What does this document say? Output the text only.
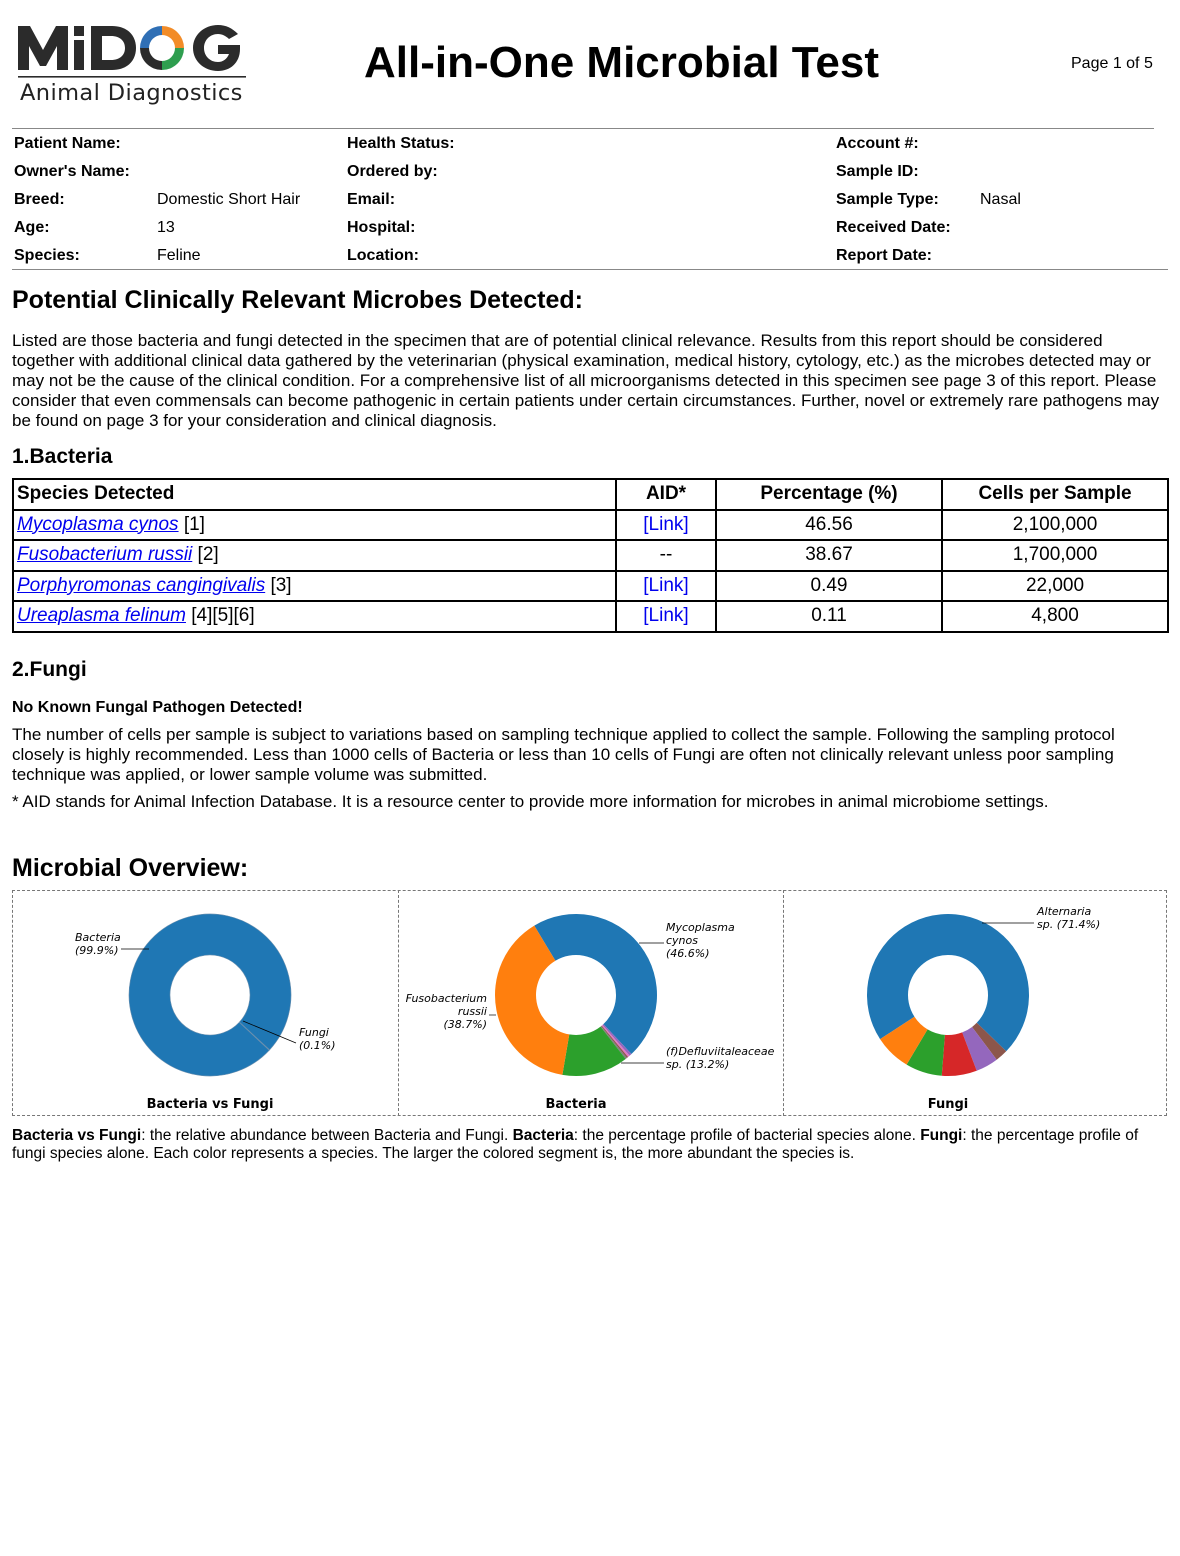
Animal Diagnostics
All-in-One Microbial Test	Page 1 of 5
Patient Name:
Owner's Name:
Breed:	Domestic Short Hair
Age:	13
Species:	Feline
Health Status:
Ordered by:
Email:
Hospital:
Location:
Account #:
Sample ID:
Sample Type:	Nasal
Received Date:
Report Date:
Potential Clinically Relevant Microbes Detected:
Listed are those bacteria and fungi detected in the specimen that are of potential clinical relevance. Results from this report should be considered together with additional clinical data gathered by the veterinarian (physical examination, medical history, cytology, etc.) as the microbes detected may or may not be the cause of the clinical condition. For a comprehensive list of all microorganisms detected in this specimen see page 3 of this report. Please consider that even commensals can become pathogenic in certain patients under certain circumstances. Further, novel or extremely rare pathogens may be found on page 3 for your consideration and clinical diagnosis.
1.Bacteria
Species Detected	AID*	Percentage (%)	Cells per Sample
Mycoplasma cynos [1]	[Link]	46.56	2,100,000
Fusobacterium russii [2]	--	38.67	1,700,000
Porphyromonas cangingivalis [3]	[Link]	0.49	22,000
Ureaplasma felinum [4][5][6]	[Link]	0.11	4,800
2.Fungi
No Known Fungal Pathogen Detected!
The number of cells per sample is subject to variations based on sampling technique applied to collect the sample. Following the sampling protocol closely is highly recommended. Less than 1000 cells of Bacteria or less than 10 cells of Fungi are often not clinically relevant unless poor sampling technique was applied, or lower sample volume was submitted.
* AID stands for Animal Infection Database. It is a resource center to provide more information for microbes in animal microbiome settings.
Microbial Overview:
Bacteria
(99.9%)
Fungi
(0.1%)
Bacteria vs Fungi
Mycoplasma
cynos
(46.6%)
(f)Defluviitaleaceae
sp. (13.2%)
Fusobacterium
russii
(38.7%)
Bacteria
Alternaria
sp. (71.4%)
Fungi
Bacteria vs Fungi: the relative abundance between Bacteria and Fungi. Bacteria: the percentage profile of bacterial species alone. Fungi: the percentage profile of fungi species alone. Each color represents a species. The larger the colored segment is, the more abundant the species is.
